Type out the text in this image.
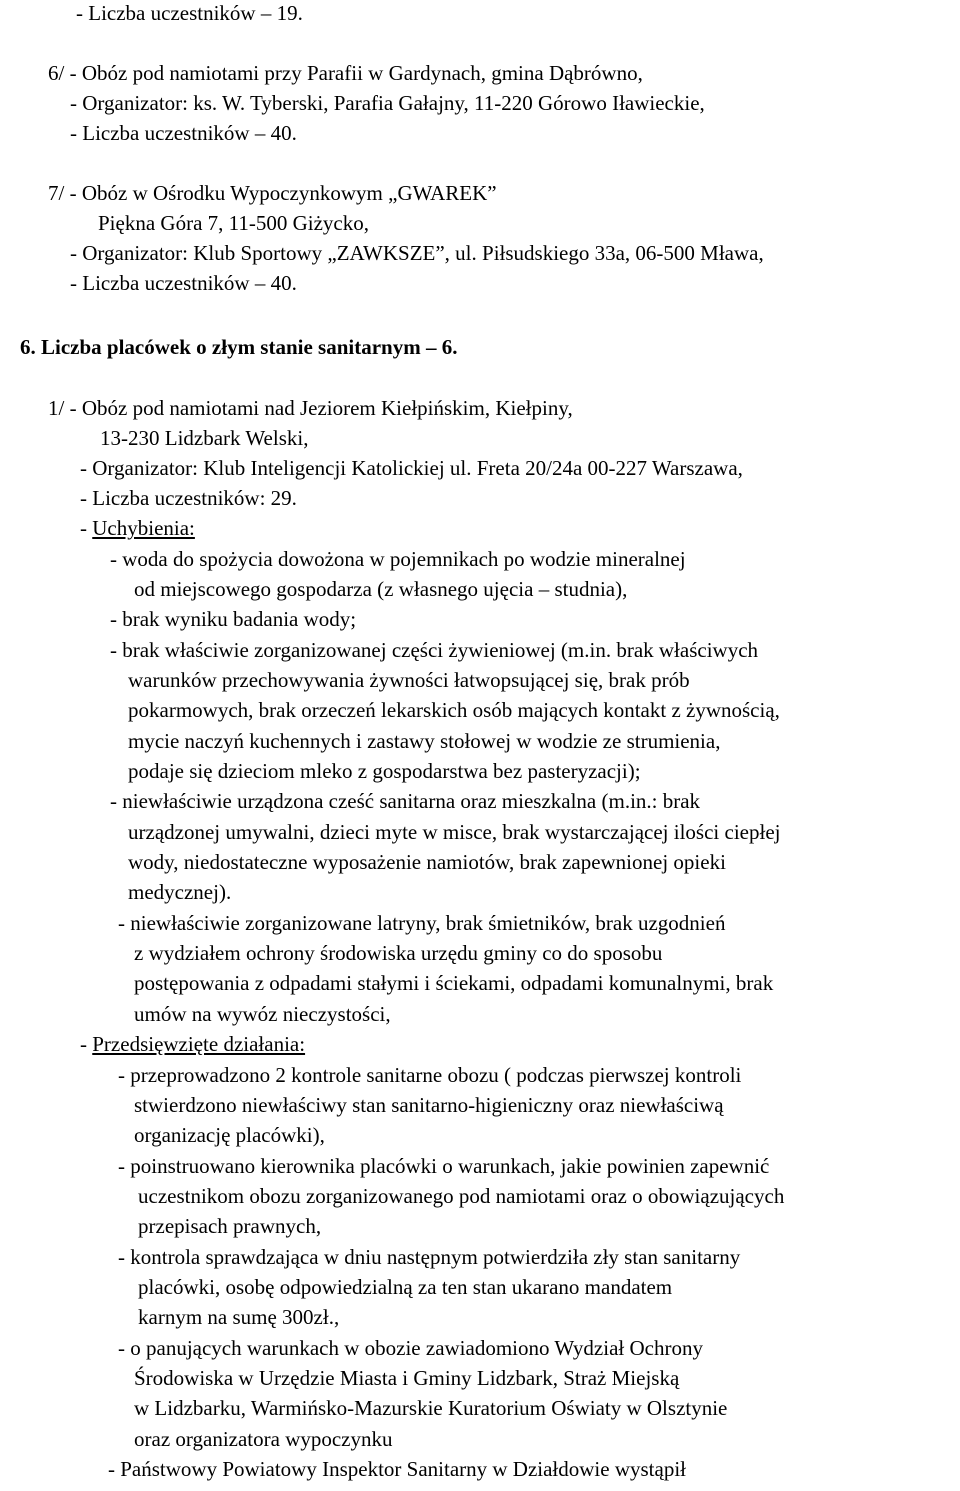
- Liczba uczestników – 19.
6/ - Obóz pod namiotami przy Parafii w Gardynach, gmina Dąbrówno,
- Organizator: ks. W. Tyberski, Parafia Gałajny, 11-220 Górowo Iławieckie,
- Liczba uczestników – 40.
7/ - Obóz w Ośrodku Wypoczynkowym „GWAREK”
Piękna Góra 7, 11-500 Giżycko,
- Organizator: Klub Sportowy „ZAWKSZE”, ul. Piłsudskiego 33a, 06-500 Mława,
- Liczba uczestników – 40.
6. Liczba placówek o złym stanie sanitarnym – 6.
1/ - Obóz pod namiotami nad Jeziorem Kiełpińskim, Kiełpiny,
13-230 Lidzbark Welski,
- Organizator: Klub Inteligencji Katolickiej ul. Freta 20/24a 00-227 Warszawa,
- Liczba uczestników: 29.
- Uchybienia:
- woda do spożycia dowożona w pojemnikach po wodzie mineralnej
od miejscowego gospodarza (z własnego ujęcia – studnia),
- brak wyniku badania wody;
- brak właściwie zorganizowanej części żywieniowej (m.in. brak właściwych
warunków przechowywania żywności łatwopsującej się, brak prób
pokarmowych, brak orzeczeń lekarskich osób mających kontakt z żywnością,
mycie naczyń kuchennych i zastawy stołowej w wodzie ze strumienia,
podaje się dzieciom mleko z gospodarstwa bez pasteryzacji);
- niewłaściwie urządzona cześć sanitarna oraz mieszkalna (m.in.: brak
urządzonej umywalni, dzieci myte w misce, brak wystarczającej ilości ciepłej
wody, niedostateczne wyposażenie namiotów, brak zapewnionej opieki
medycznej).
- niewłaściwie zorganizowane latryny, brak śmietników, brak uzgodnień
z wydziałem ochrony środowiska urzędu gminy co do sposobu
postępowania z odpadami stałymi i ściekami, odpadami komunalnymi, brak
umów na wywóz nieczystości,
- Przedsięwzięte działania:
- przeprowadzono 2 kontrole sanitarne obozu ( podczas pierwszej kontroli
stwierdzono niewłaściwy stan sanitarno-higieniczny oraz niewłaściwą
organizację placówki),
- poinstruowano kierownika placówki o warunkach, jakie powinien zapewnić
uczestnikom obozu zorganizowanego pod namiotami oraz o obowiązujących
przepisach prawnych,
- kontrola sprawdzająca w dniu następnym potwierdziła zły stan sanitarny
placówki, osobę odpowiedzialną za ten stan ukarano mandatem
karnym na sumę 300zł.,
- o panujących warunkach w obozie zawiadomiono Wydział Ochrony
Środowiska w Urzędzie Miasta i Gminy Lidzbark, Straż Miejską
w Lidzbarku, Warmińsko-Mazurskie Kuratorium Oświaty w Olsztynie
oraz organizatora wypoczynku
- Państwowy Powiatowy Inspektor Sanitarny w Działdowie wystąpił
